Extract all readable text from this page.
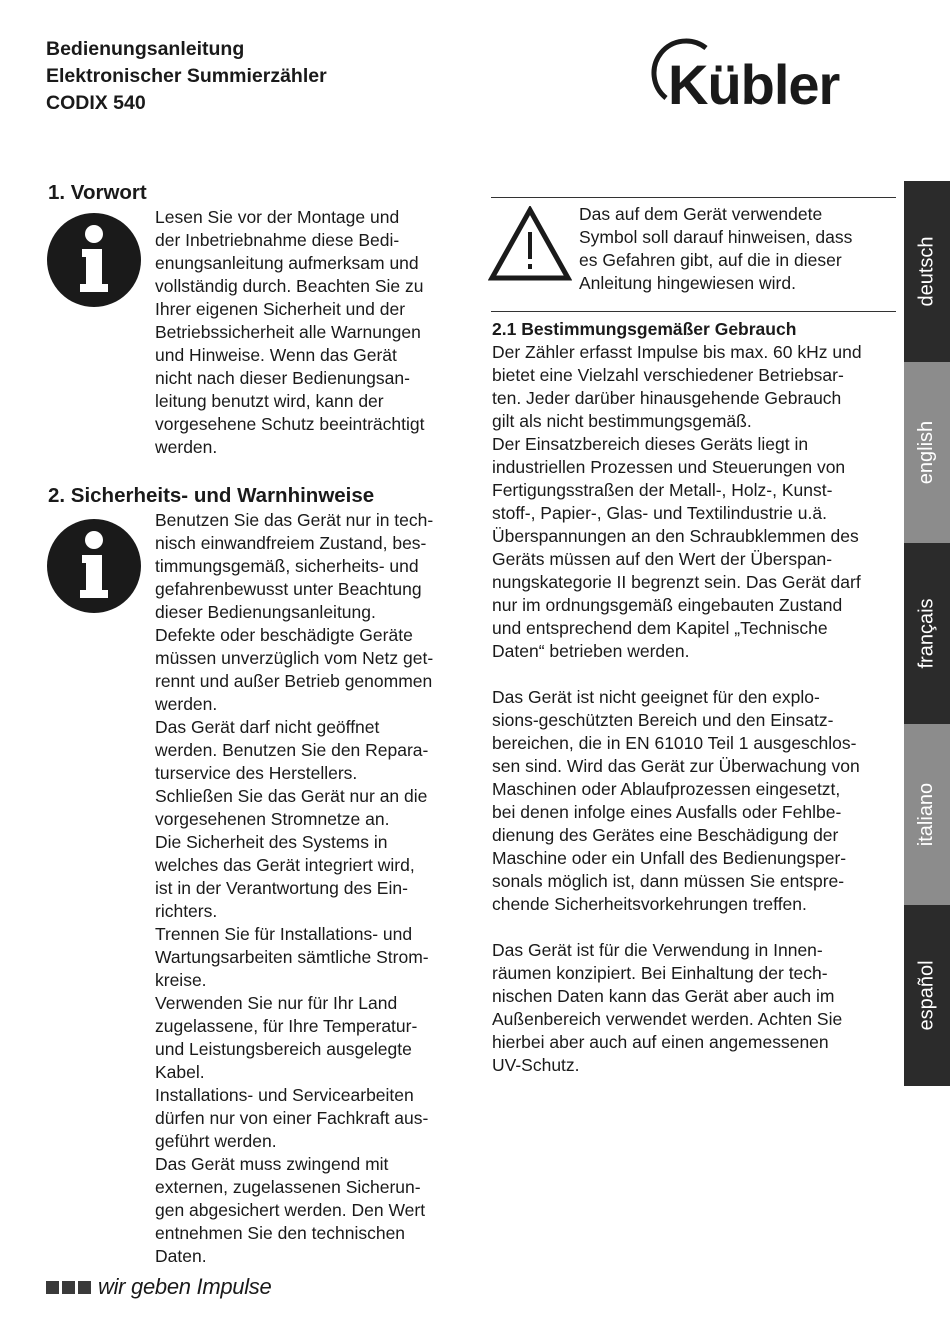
Bedienungsanleitung
Elektronischer Summierzähler
CODIX 540	Kübler
1. Vorwort
Lesen Sie vor der Montage und
der Inbetriebnahme diese Bedi-
enungsanleitung aufmerksam und
vollständig durch. Beachten Sie zu
Ihrer eigenen Sicherheit und der
Betriebssicherheit alle Warnungen
und Hinweise. Wenn das Gerät
nicht nach dieser Bedienungsan-
leitung benutzt wird, kann der
vorgesehene Schutz beeinträchtigt
werden.
2. Sicherheits- und Warnhinweise
Benutzen Sie das Gerät nur in tech-
nisch einwandfreiem Zustand, bes-
timmungsgemäß, sicherheits- und
gefahrenbewusst unter Beachtung
dieser Bedienungsanleitung.
Defekte oder beschädigte Geräte
müssen unverzüglich vom Netz get-
rennt und außer Betrieb genommen
werden.
Das Gerät darf nicht geöffnet
werden. Benutzen Sie den Repara-
turservice des Herstellers.
Schließen Sie das Gerät nur an die
vorgesehenen Stromnetze an.
Die Sicherheit des Systems in
welches das Gerät integriert wird,
ist in der Verantwortung des Ein-
richters.
Trennen Sie für Installations- und
Wartungsarbeiten sämtliche Strom-
kreise.
Verwenden Sie nur für Ihr Land
zugelassene, für Ihre Temperatur-
und Leistungsbereich ausgelegte
Kabel.
Installations- und Servicearbeiten
dürfen nur von einer Fachkraft aus-
geführt werden.
Das Gerät muss zwingend mit
externen, zugelassenen Sicherun-
gen abgesichert werden. Den Wert
entnehmen Sie den technischen
Daten.
Das auf dem Gerät verwendete
Symbol soll darauf hinweisen, dass
es Gefahren gibt, auf die in dieser
Anleitung hingewiesen wird.
2.1 Bestimmungsgemäßer Gebrauch
Der Zähler erfasst Impulse bis max. 60 kHz und
bietet eine Vielzahl verschiedener Betriebsar-
ten. Jeder darüber hinausgehende Gebrauch
gilt als nicht bestimmungsgemäß.
Der Einsatzbereich dieses Geräts liegt in
industriellen Prozessen und Steuerungen von
Fertigungsstraßen der Metall-, Holz-, Kunst-
stoff-, Papier-, Glas- und Textilindustrie u.ä.
Überspannungen an den Schraubklemmen des
Geräts müssen auf den Wert der Überspan-
nungskategorie II begrenzt sein. Das Gerät darf
nur im ordnungsgemäß eingebauten Zustand
und entsprechend dem Kapitel „Technische
Daten“ betrieben werden.
Das Gerät ist nicht geeignet für den explo-
sions-geschützten Bereich und den Einsatz-
bereichen, die in EN 61010 Teil 1 ausgeschlos-
sen sind. Wird das Gerät zur Überwachung von
Maschinen oder Ablaufprozessen eingesetzt,
bei denen infolge eines Ausfalls oder Fehlbe-
dienung des Gerätes eine Beschädigung der
Maschine oder ein Unfall des Bedienungsper-
sonals möglich ist, dann müssen Sie entspre-
chende Sicherheitsvorkehrungen treffen.
Das Gerät ist für die Verwendung in Innen-
räumen konzipiert. Bei Einhaltung der tech-
nischen Daten kann das Gerät aber auch im
Außenbereich verwendet werden. Achten Sie
hierbei aber auch auf einen angemessenen
UV-Schutz.
deutsch
english
français
italiano
español
wir geben Impulse
